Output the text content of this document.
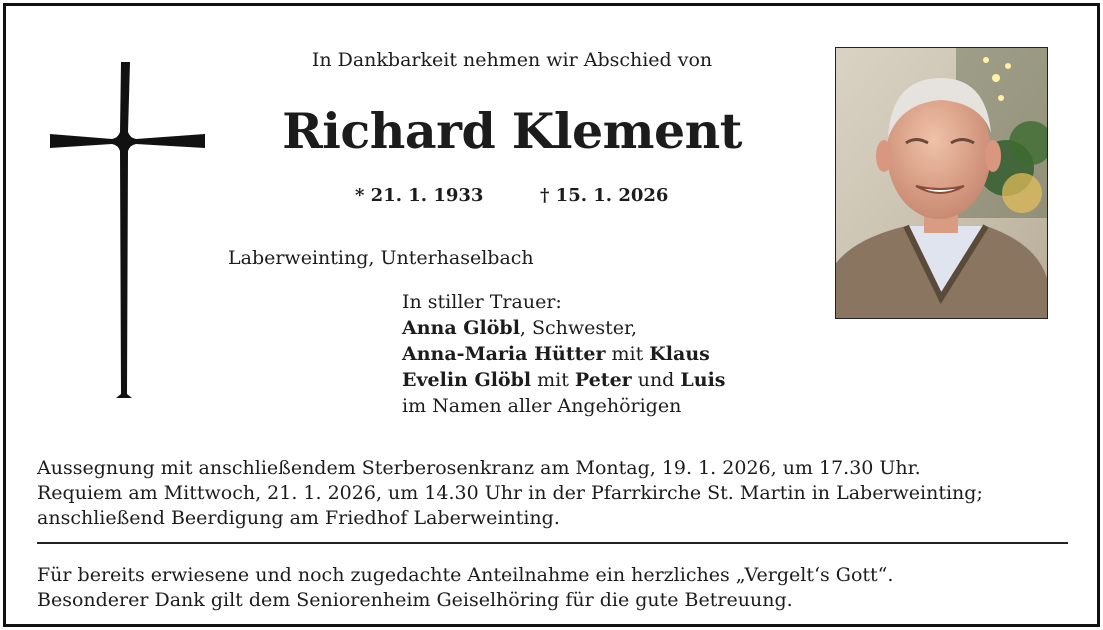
In Dankbarkeit nehmen wir Abschied von
Richard Klement
* 21. 1. 1933	† 15. 1. 2026
Laberweinting, Unterhaselbach
In stiller Trauer:
Anna Glöbl, Schwester,
Anna-Maria Hütter mit Klaus
Evelin Glöbl mit Peter und Luis
im Namen aller Angehörigen
Aussegnung mit anschließendem Sterberosenkranz am Montag, 19. 1. 2026, um 17.30 Uhr.
Requiem am Mittwoch, 21. 1. 2026, um 14.30 Uhr in der Pfarrkirche St. Martin in Laberweinting;
anschließend Beerdigung am Friedhof Laberweinting.
Für bereits erwiesene und noch zugedachte Anteilnahme ein herzliches „Vergelt‘s Gott“.
Besonderer Dank gilt dem Seniorenheim Geiselhöring für die gute Betreuung.
